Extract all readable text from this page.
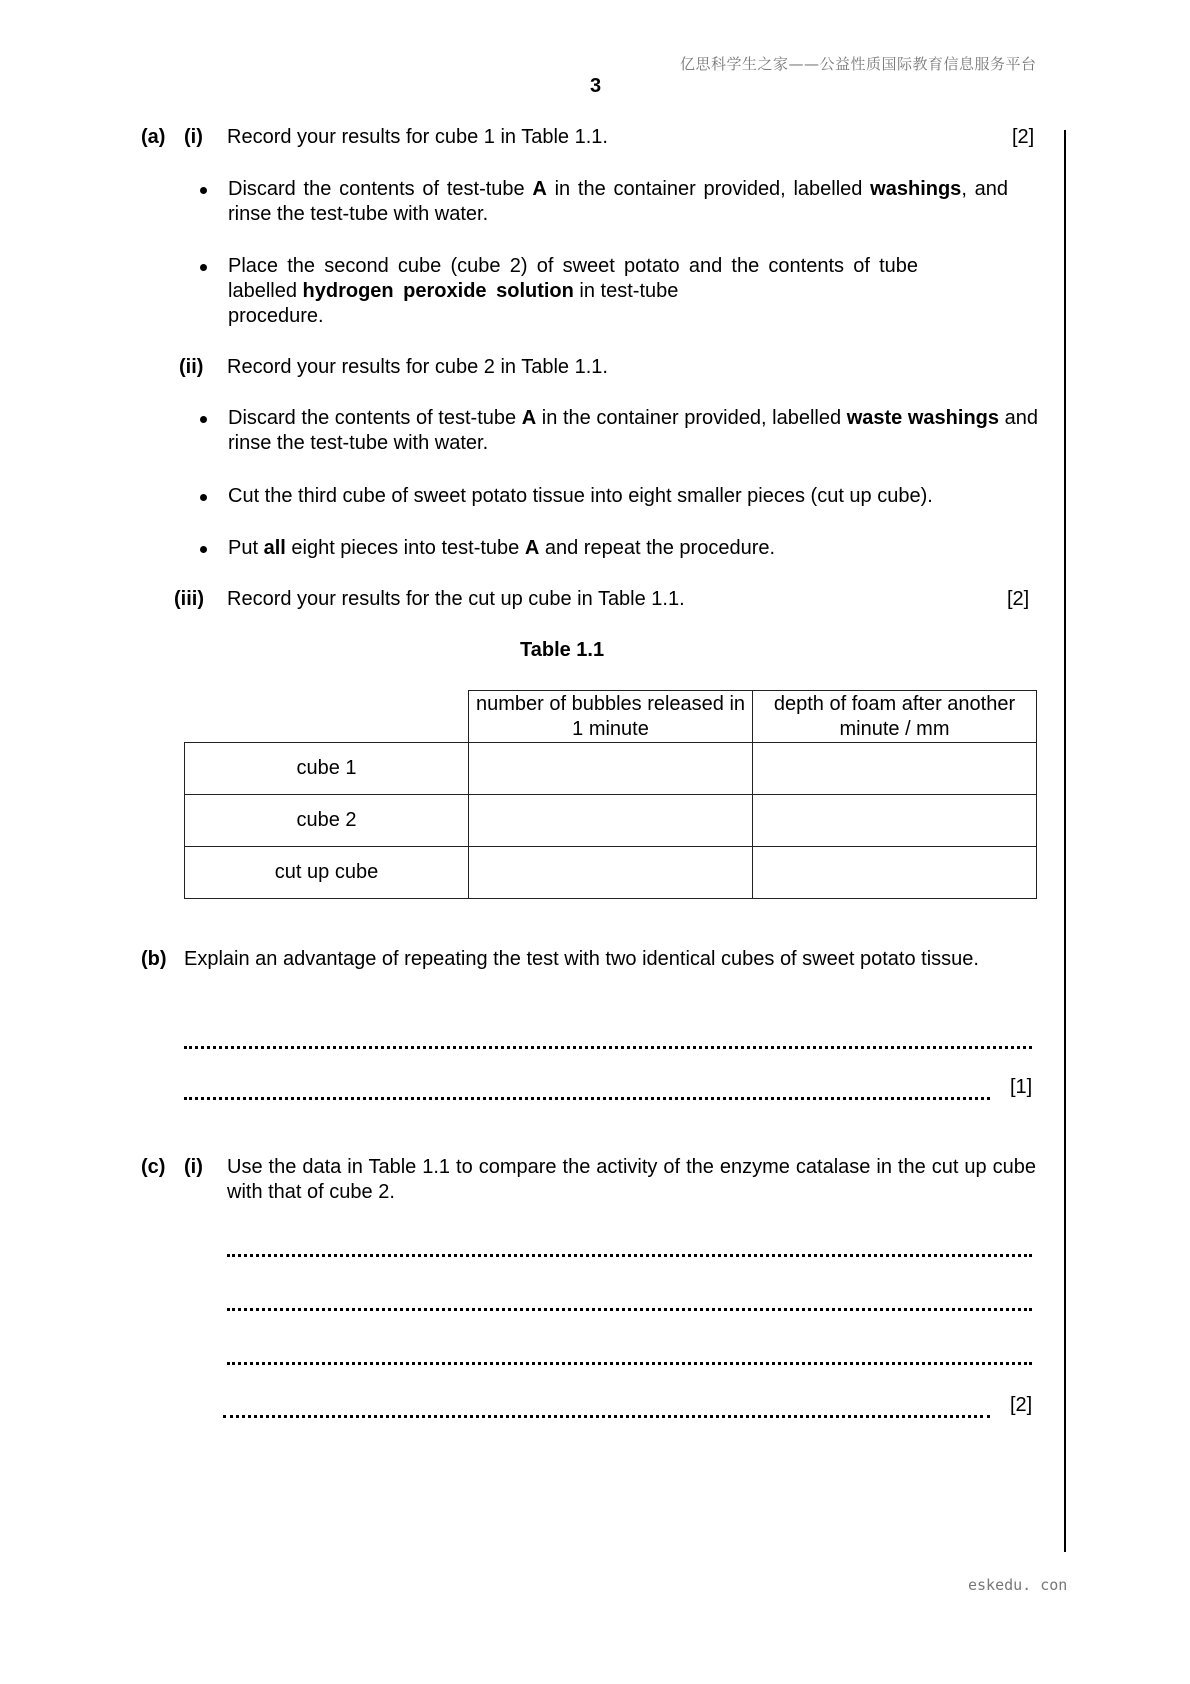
亿思科学生之家——公益性质国际教育信息服务平台
3
(a) (i) Record your results for cube 1 in Table 1.1.	[2]
Discard the contents of test-tube A in the container provided, labelled washings, and rinse the test-tube with water.
Place the second cube (cube 2) of sweet potato and the contents of tube labelled hydrogen peroxide solution in test-tube
procedure.
(ii) Record your results for cube 2 in Table 1.1.
Discard the contents of test-tube A in the container provided, labelled waste washings and rinse the test-tube with water.
Cut the third cube of sweet potato tissue into eight smaller pieces (cut up cube).
Put all eight pieces into test-tube A and repeat the procedure.
(iii) Record your results for the cut up cube in Table 1.1.	[2]
Table 1.1
	number of bubbles released in 1 minute	depth of foam after another minute / mm
cube 1		
cube 2		
cut up cube		
(b) Explain an advantage of repeating the test with two identical cubes of sweet potato tissue.
[1]
(c) (i) Use the data in Table 1.1 to compare the activity of the enzyme catalase in the cut up cube with that of cube 2.
[2]
eskedu. con
